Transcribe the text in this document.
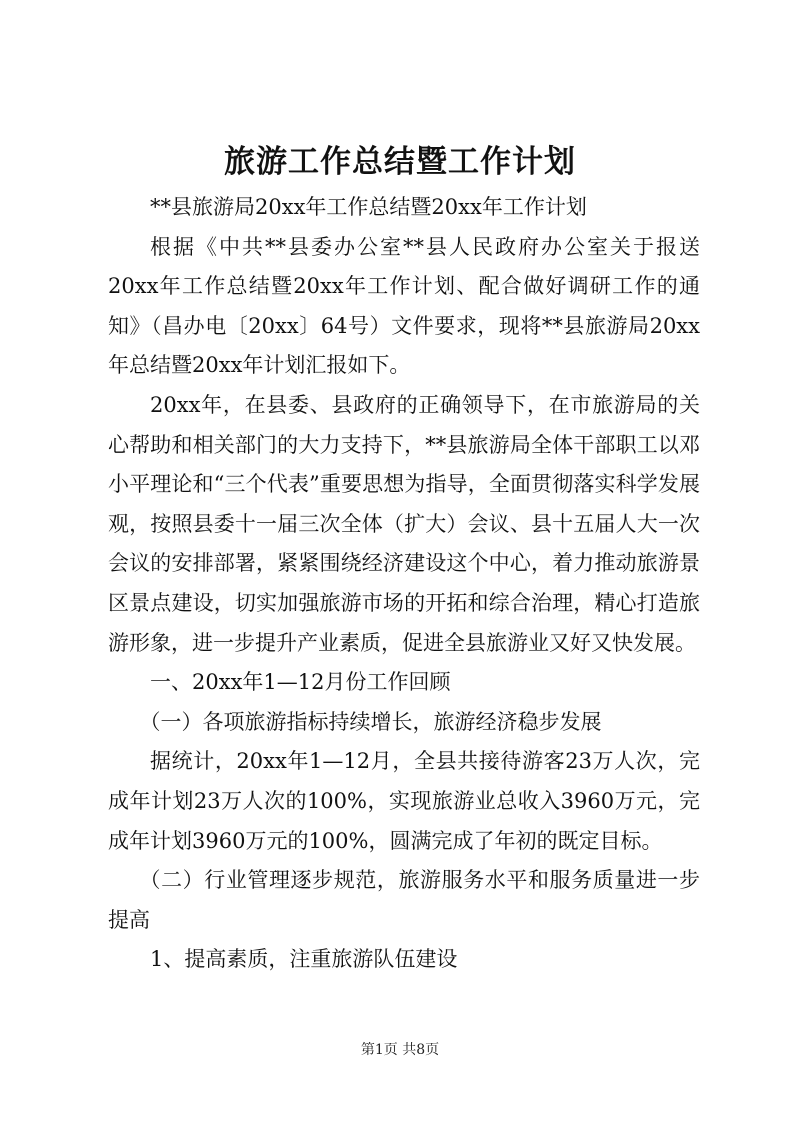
旅游工作总结暨工作计划

**县旅游局20xx年工作总结暨20xx年工作计划

根据《中共**县委办公室**县人民政府办公室关于报送20xx年工作总结暨20xx年工作计划、配合做好调研工作的通知》（昌办电〔20xx〕64号）文件要求，现将**县旅游局20xx年总结暨20xx年计划汇报如下。

20xx年，在县委、县政府的正确领导下，在市旅游局的关心帮助和相关部门的大力支持下，**县旅游局全体干部职工以邓小平理论和“三个代表”重要思想为指导，全面贯彻落实科学发展观，按照县委十一届三次全体（扩大）会议、县十五届人大一次会议的安排部署，紧紧围绕经济建设这个中心，着力推动旅游景区景点建设，切实加强旅游市场的开拓和综合治理，精心打造旅游形象，进一步提升产业素质，促进全县旅游业又好又快发展。

一、20xx年1—12月份工作回顾

（一）各项旅游指标持续增长，旅游经济稳步发展

据统计，20xx年1—12月，全县共接待游客23万人次，完成年计划23万人次的100%，实现旅游业总收入3960万元，完成年计划3960万元的100%，圆满完成了年初的既定目标。

（二）行业管理逐步规范，旅游服务水平和服务质量进一步提高

1、提高素质，注重旅游队伍建设

第1页 共8页
